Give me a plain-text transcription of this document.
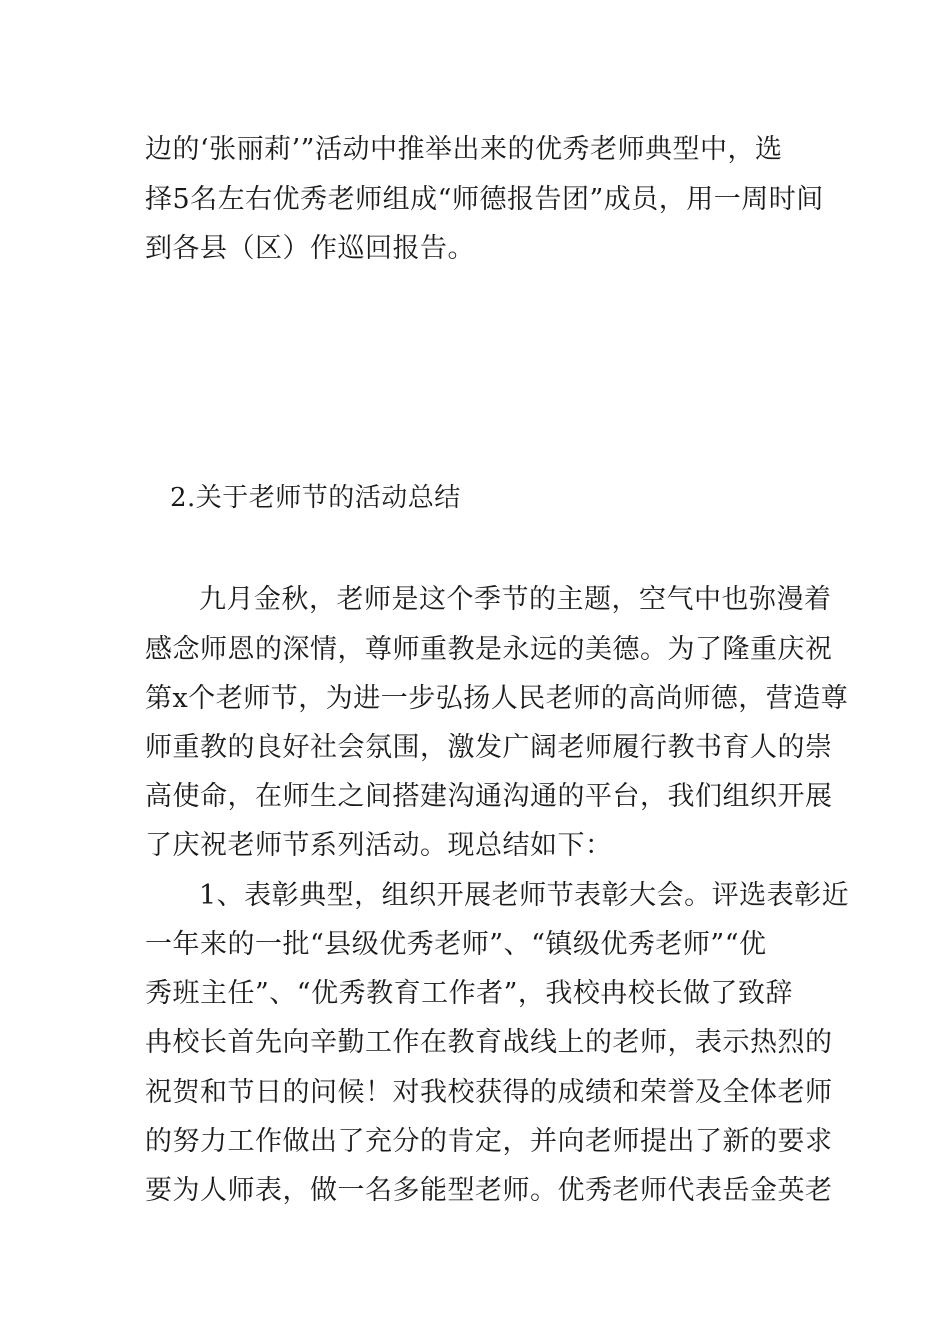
边的‘张丽莉’”活动中推举出来的优秀老师典型中，选
择5名左右优秀老师组成“师德报告团”成员，用一周时间
到各县（区）作巡回报告。
2.关于老师节的活动总结
九月金秋，老师是这个季节的主题，空气中也弥漫着
感念师恩的深情，尊师重教是永远的美德。为了隆重庆祝
第x个老师节，为进一步弘扬人民老师的高尚师德，营造尊
师重教的良好社会氛围，激发广阔老师履行教书育人的崇
高使命，在师生之间搭建沟通沟通的平台，我们组织开展
了庆祝老师节系列活动。现总结如下：
1、表彰典型，组织开展老师节表彰大会。评选表彰近
一年来的一批“县级优秀老师”、“镇级优秀老师”“优
秀班主任”、“优秀教育工作者”，我校冉校长做了致辞
冉校长首先向辛勤工作在教育战线上的老师，表示热烈的
祝贺和节日的问候！对我校获得的成绩和荣誉及全体老师
的努力工作做出了充分的肯定，并向老师提出了新的要求
要为人师表，做一名多能型老师。优秀老师代表岳金英老
